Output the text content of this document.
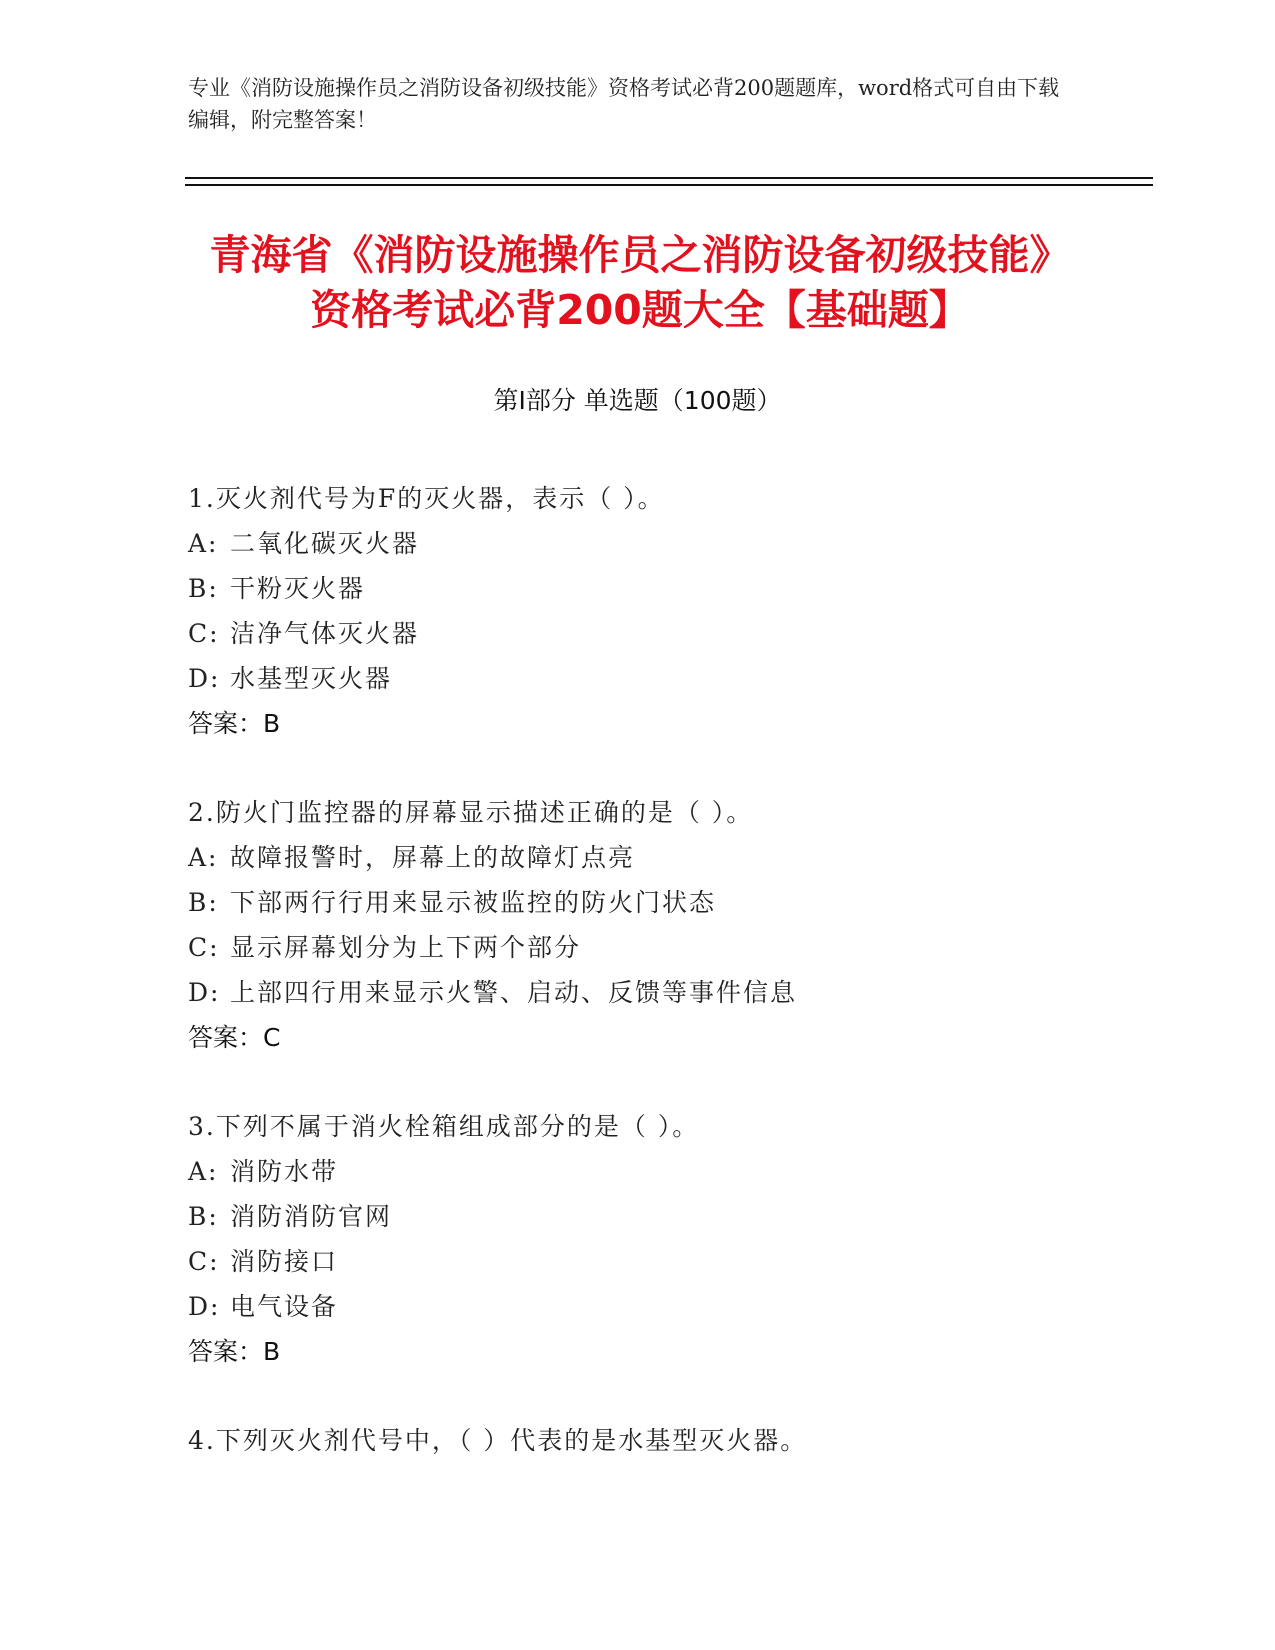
专业《消防设施操作员之消防设备初级技能》资格考试必背200题题库，word格式可自由下载编辑，附完整答案！
青海省《消防设施操作员之消防设备初级技能》资格考试必背200题大全【基础题】
第I部分 单选题（100题）
1.灭火剂代号为F的灭火器，表示（ ）。
A: 二氧化碳灭火器
B: 干粉灭火器
C: 洁净气体灭火器
D: 水基型灭火器
答案：B
2.防火门监控器的屏幕显示描述正确的是（ ）。
A: 故障报警时，屏幕上的故障灯点亮
B: 下部两行行用来显示被监控的防火门状态
C: 显示屏幕划分为上下两个部分
D: 上部四行用来显示火警、启动、反馈等事件信息
答案：C
3.下列不属于消火栓箱组成部分的是（ ）。
A: 消防水带
B: 消防消防官网
C: 消防接口
D: 电气设备
答案：B
4.下列灭火剂代号中，（ ）代表的是水基型灭火器。
